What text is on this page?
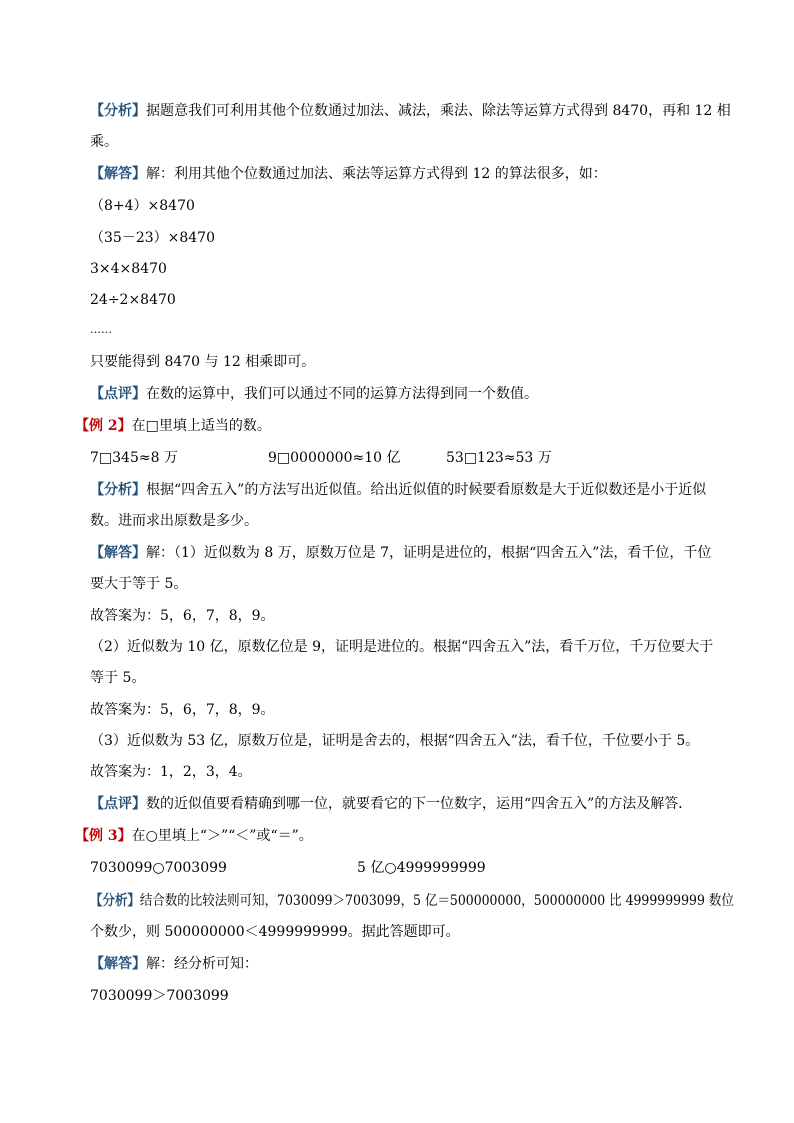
【分析】据题意我们可利用其他个位数通过加法、减法，乘法、除法等运算方式得到 8470，再和 12 相
乘。
【解答】解：利用其他个位数通过加法、乘法等运算方式得到 12 的算法很多，如：
（8+4）×8470
（35－23）×8470
3×4×8470
24÷2×8470
……
只要能得到 8470 与 12 相乘即可。
【点评】在数的运算中，我们可以通过不同的运算方法得到同一个数值。
【例 2】在□里填上适当的数。
7□345≈8 万	9□0000000≈10 亿	53□123≈53 万
【分析】根据“四舍五入”的方法写出近似值。给出近似值的时候要看原数是大于近似数还是小于近似
数。进而求出原数是多少。
【解答】解：（1）近似数为 8 万，原数万位是 7，证明是进位的，根据“四舍五入”法，看千位，千位
要大于等于 5。
故答案为：5，6，7，8，9。
（2）近似数为 10 亿，原数亿位是 9，证明是进位的。根据“四舍五入”法，看千万位，千万位要大于
等于 5。
故答案为：5，6，7，8，9。
（3）近似数为 53 亿，原数万位是，证明是舍去的，根据“四舍五入”法，看千位，千位要小于 5。
故答案为：1，2，3，4。
【点评】数的近似值要看精确到哪一位，就要看它的下一位数字，运用“四舍五入”的方法及解答．
【例 3】在○里填上“＞”“＜”或“＝”。
7030099○7003099	5 亿○4999999999
【分析】结合数的比较法则可知，7030099＞7003099，5 亿＝500000000，500000000 比 4999999999 数位
个数少，则 500000000＜4999999999。据此答题即可。
【解答】解：经分析可知：
7030099＞7003099
